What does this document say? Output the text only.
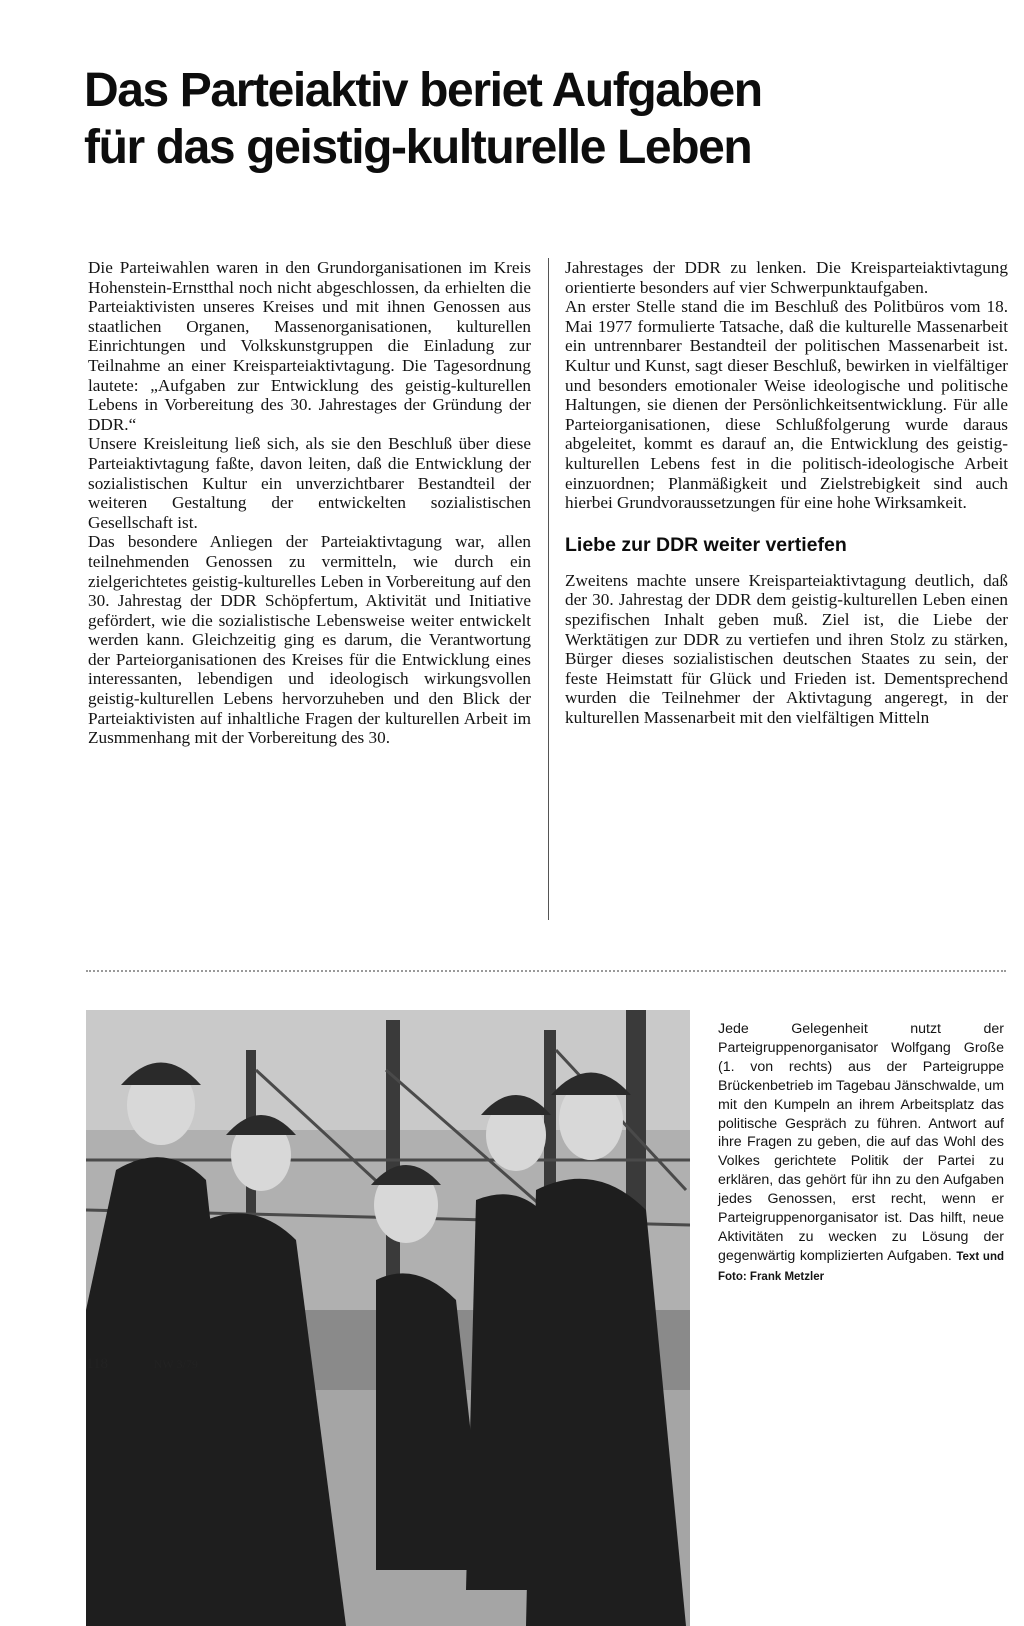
Das Parteiaktiv beriet Aufgaben
für das geistig-kulturelle Leben

Die Parteiwahlen waren in den Grundorganisationen im Kreis Hohenstein-Ernstthal noch nicht abgeschlossen, da erhielten die Parteiaktivisten unseres Kreises und mit ihnen Genossen aus staatlichen Organen, Massenorganisationen, kulturellen Einrichtungen und Volkskunstgruppen die Einladung zur Teilnahme an einer Kreisparteiaktivtagung. Die Tagesordnung lautete: „Aufgaben zur Entwicklung des geistig-kulturellen Lebens in Vorbereitung des 30. Jahrestages der Gründung der DDR.“

Unsere Kreisleitung ließ sich, als sie den Beschluß über diese Parteiaktivtagung faßte, davon leiten, daß die Entwicklung der sozialistischen Kultur ein unverzichtbarer Bestandteil der weiteren Gestaltung der entwickelten sozialistischen Gesellschaft ist.

Das besondere Anliegen der Parteiaktivtagung war, allen teilnehmenden Genossen zu vermitteln, wie durch ein zielgerichtetes geistig-kulturelles Leben in Vorbereitung auf den 30. Jahrestag der DDR Schöpfertum, Aktivität und Initiative gefördert, wie die sozialistische Lebensweise weiter entwickelt werden kann. Gleichzeitig ging es darum, die Verantwortung der Parteiorganisationen des Kreises für die Entwicklung eines interessanten, lebendigen und ideologisch wirkungsvollen geistig-kulturellen Lebens hervorzuheben und den Blick der Parteiaktivisten auf inhaltliche Fragen der kulturellen Arbeit im Zusmmenhang mit der Vorbereitung des 30.

Jahrestages der DDR zu lenken. Die Kreisparteiaktivtagung orientierte besonders auf vier Schwerpunktaufgaben.

An erster Stelle stand die im Beschluß des Politbüros vom 18. Mai 1977 formulierte Tatsache, daß die kulturelle Massenarbeit ein untrennbarer Bestandteil der politischen Massenarbeit ist. Kultur und Kunst, sagt dieser Beschluß, bewirken in vielfältiger und besonders emotionaler Weise ideologische und politische Haltungen, sie dienen der Persönlichkeitsentwicklung. Für alle Parteiorganisationen, diese Schlußfolgerung wurde daraus abgeleitet, kommt es darauf an, die Entwicklung des geistig-kulturellen Lebens fest in die politisch-ideologische Arbeit einzuordnen; Planmäßigkeit und Zielstrebigkeit sind auch hierbei Grundvoraussetzungen für eine hohe Wirksamkeit.

Liebe zur DDR weiter vertiefen

Zweitens machte unsere Kreisparteiaktivtagung deutlich, daß der 30. Jahrestag der DDR dem geistig-kulturellen Leben einen spezifischen Inhalt geben muß. Ziel ist, die Liebe der Werktätigen zur DDR zu vertiefen und ihren Stolz zu stärken, Bürger dieses sozialistischen deutschen Staates zu sein, der feste Heimstatt für Glück und Frieden ist. Dementsprechend wurden die Teilnehmer der Aktivtagung angeregt, in der kulturellen Massenarbeit mit den vielfältigen Mitteln

Jede Gelegenheit nutzt der Parteigruppenorganisator Wolfgang Große (1. von rechts) aus der Parteigruppe Brückenbetrieb im Tagebau Jänschwalde, um mit den Kumpeln an ihrem Arbeitsplatz das politische Gespräch zu führen. Antwort auf ihre Fragen zu geben, die auf das Wohl des Volkes gerichtete Politik der Partei zu erklären, das gehört für ihn zu den Aufgaben jedes Genossen, erst recht, wenn er Parteigruppenorganisator ist. Das hilft, neue Aktivitäten zu wecken zu Lösung der gegenwärtig komplizierten Aufgaben. Text und Foto: Frank Metzler
118	NW 3/79
